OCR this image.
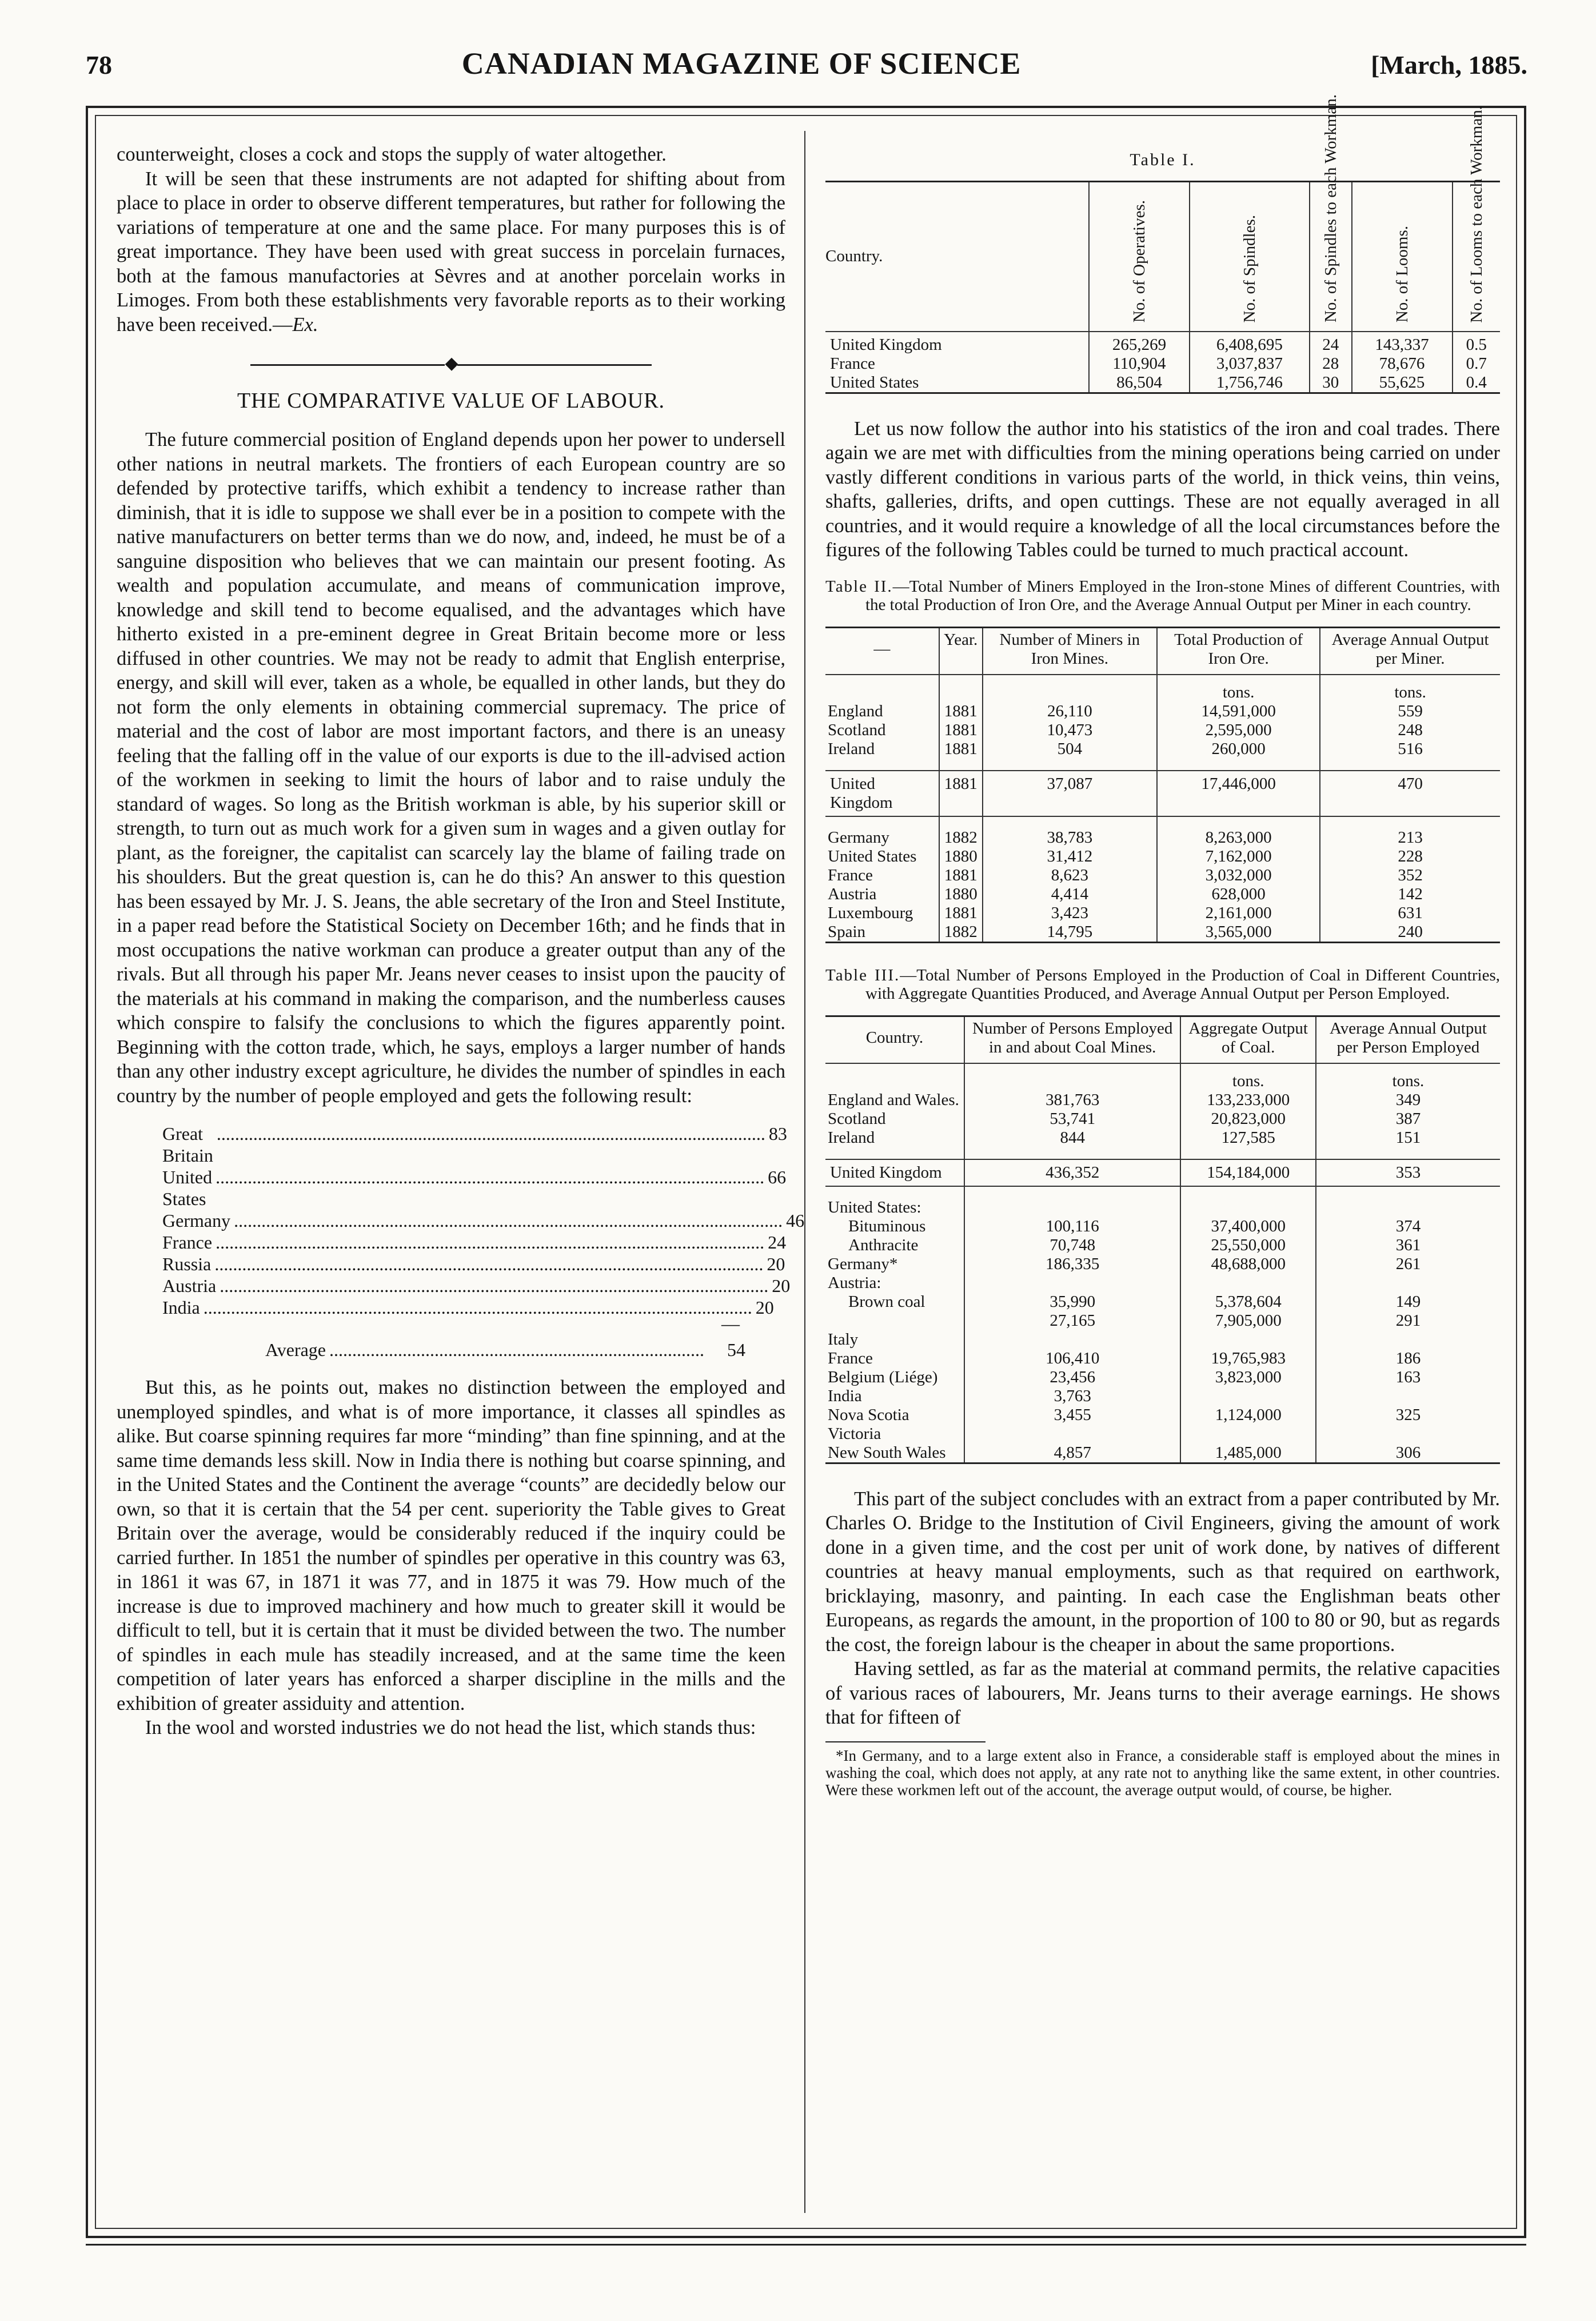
78	CANADIAN MAGAZINE OF SCIENCE	[March, 1885.

counterweight, closes a cock and stops the supply of water altogether.

It will be seen that these instruments are not adapted for shifting about from place to place in order to observe different temperatures, but rather for following the variations of temperature at one and the same place. For many purposes this is of great importance. They have been used with great success in porcelain furnaces, both at the famous manufactories at Sèvres and at another porcelain works in Limoges. From both these establishments very favorable reports as to their working have been received.—Ex.

◆
THE COMPARATIVE VALUE OF LABOUR.

The future commercial position of England depends upon her power to undersell other nations in neutral markets. The frontiers of each European country are so defended by protective tariffs, which exhibit a tendency to increase rather than diminish, that it is idle to suppose we shall ever be in a position to compete with the native manufacturers on better terms than we do now, and, indeed, he must be of a sanguine disposition who believes that we can maintain our present footing. As wealth and population accumulate, and means of communication improve, knowledge and skill tend to become equalised, and the advantages which have hitherto existed in a pre-eminent degree in Great Britain become more or less diffused in other countries. We may not be ready to admit that English enterprise, energy, and skill will ever, taken as a whole, be equalled in other lands, but they do not form the only elements in obtaining commercial supremacy. The price of material and the cost of labor are most important factors, and there is an uneasy feeling that the falling off in the value of our exports is due to the ill-advised action of the workmen in seeking to limit the hours of labor and to raise unduly the standard of wages. So long as the British workman is able, by his superior skill or strength, to turn out as much work for a given sum in wages and a given outlay for plant, as the foreigner, the capitalist can scarcely lay the blame of failing trade on his shoulders. But the great question is, can he do this? An answer to this question has been essayed by Mr. J. S. Jeans, the able secretary of the Iron and Steel Institute, in a paper read before the Statistical Society on December 16th; and he finds that in most occupations the native workman can produce a greater output than any of the rivals. But all through his paper Mr. Jeans never ceases to insist upon the paucity of the materials at his command in making the comparison, and the numberless causes which conspire to falsify the conclusions to which the figures apparently point. Beginning with the cotton trade, which, he says, employs a larger number of hands than any other industry except agriculture, he divides the number of spindles in each country by the number of people employed and gets the following result:

Great Britain
........................................................................................................................ 83
United States
........................................................................................................................ 66
Germany ........................................................................................................................ 46
France ........................................................................................................................ 24
Russia ........................................................................................................................ 20
Austria ........................................................................................................................ 20
India ........................................................................................................................ 20
—
Average ..................................................................................	54

But this, as he points out, makes no distinction between the employed and unemployed spindles, and what is of more importance, it classes all spindles as alike. But coarse spinning requires far more “minding” than fine spinning, and at the same time demands less skill. Now in India there is nothing but coarse spinning, and in the United States and the Continent the average “counts” are decidedly below our own, so that it is certain that the 54 per cent. superiority the Table gives to Great Britain over the average, would be considerably reduced if the inquiry could be carried further. In 1851 the number of spindles per operative in this country was 63, in 1861 it was 67, in 1871 it was 77, and in 1875 it was 79. How much of the increase is due to improved machinery and how much to greater skill it would be difficult to tell, but it is certain that it must be divided between the two. The number of spindles in each mule has steadily increased, and at the same time the keen competition of later years has enforced a sharper discipline in the mills and the exhibition of greater assiduity and attention.

In the wool and worsted industries we do not head the list, which stands thus:

Table I.
Country.	No. of Operatives.	No. of Spindles.	No. of Spindles to each Workman.	No. of Looms.	No. of Looms to each Workman.

United Kingdom	265,269	6,408,695	24	143,337	0.5
France	110,904	3,037,837	28	78,676	0.7
United States	86,504	1,756,746	30	55,625	0.4

Let us now follow the author into his statistics of the iron and coal trades. There again we are met with difficulties from the mining operations being carried on under vastly different conditions in various parts of the world, in thick veins, thin veins, shafts, galleries, drifts, and open cuttings. These are not equally averaged in all countries, and it would require a knowledge of all the local circumstances before the figures of the following Tables could be turned to much practical account.

Table II.—Total Number of Miners Employed in the Iron-stone Mines of different Countries, with the total Production of Iron Ore, and the Average Annual Output per Miner in each country.
—	Year.	Number of Miners in Iron Mines.	Total Production of Iron Ore.	Average Annual Output per Miner.
			tons.	tons.
England	1881	26,110	14,591,000	559
Scotland	1881	10,473	2,595,000	248
Ireland	1881	504	260,000	516

United Kingdom	1881	37,087	17,446,000	470

Germany	1882	38,783	8,263,000	213
United States	1880	31,412	7,162,000	228
France	1881	8,623	3,032,000	352
Austria	1880	4,414	628,000	142
Luxembourg	1881	3,423	2,161,000	631
Spain	1882	14,795	3,565,000	240
Table III.—Total Number of Persons Employed in the Production of Coal in Different Countries, with Aggregate Quantities Produced, and Average Annual Output per Person Employed.
Country.	Number of Persons Employed in and about Coal Mines.	Aggregate Output of Coal.	Average Annual Output per Person Employed
		tons.	tons.
England and Wales.	381,763	133,233,000	349
Scotland	53,741	20,823,000	387
Ireland	844	127,585	151

United Kingdom	436,352	154,184,000	353

United States:			
Bituminous	100,116	37,400,000	374
Anthracite	70,748	25,550,000	361
Germany*	186,335	48,688,000	261
Austria:			
Brown coal	35,990	5,378,604	149
	27,165	7,905,000	291
Italy			
France	106,410	19,765,983	186
Belgium (Liége)	23,456	3,823,000	163
India	3,763		
Nova Scotia	3,455	1,124,000	325
Victoria			
New South Wales	4,857	1,485,000	306

This part of the subject concludes with an extract from a paper contributed by Mr. Charles O. Bridge to the Institution of Civil Engineers, giving the amount of work done in a given time, and the cost per unit of work done, by natives of different countries at heavy manual employments, such as that required on earthwork, bricklaying, masonry, and painting. In each case the Englishman beats other Europeans, as regards the amount, in the proportion of 100 to 80 or 90, but as regards the cost, the foreign labour is the cheaper in about the same proportions.

Having settled, as far as the material at command permits, the relative capacities of various races of labourers, Mr. Jeans turns to their average earnings. He shows that for fifteen of

*In Germany, and to a large extent also in France, a considerable staff is employed about the mines in washing the coal, which does not apply, at any rate not to anything like the same extent, in other countries. Were these workmen left out of the account, the average output would, of course, be higher.
